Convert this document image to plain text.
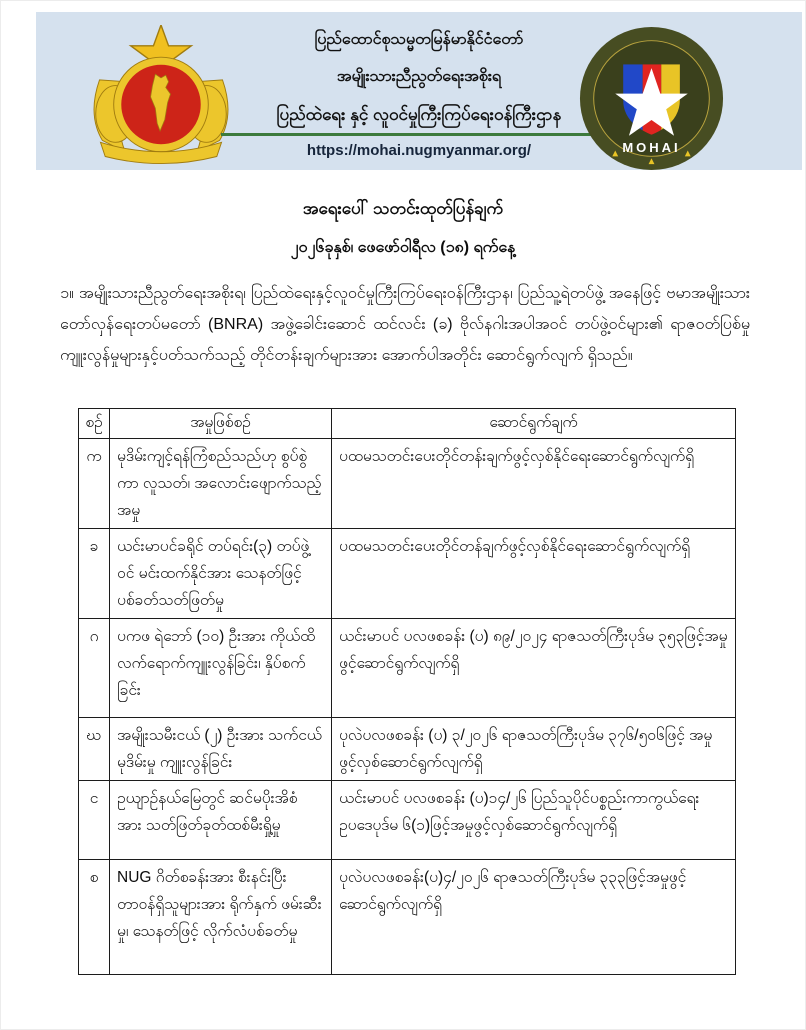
ပြည်ထောင်စုသမ္မတမြန်မာနိုင်ငံတော်
အမျိုးသားညီညွတ်ရေးအစိုးရ
ပြည်ထဲရေး နှင့် လူဝင်မှုကြီးကြပ်ရေးဝန်ကြီးဌာန
https://mohai.nugmyanmar.org/	MOHAI
အရေးပေါ် သတင်းထုတ်ပြန်ချက်
၂၀၂၆ခုနှစ်၊ ဖေဖော်ဝါရီလ (၁၈) ရက်နေ့
၁။ အမျိုးသားညီညွတ်ရေးအစိုးရ၊ ပြည်ထဲရေးနှင့်လူဝင်မှုကြီးကြပ်ရေးဝန်ကြီးဌာန၊ ပြည်သူ့ရဲတပ်ဖွဲ့ အနေဖြင့် ဗမာအမျိုးသားတော်လှန်ရေးတပ်မတော် (BNRA) အဖွဲ့ခေါင်းဆောင် ထင်လင်း (ခ) ဗိုလ်နဂါးအပါအဝင် တပ်ဖွဲ့ဝင်များ၏ ရာဇဝတ်ပြစ်မှုကျူးလွန်မှုများနှင့်ပတ်သက်သည့် တိုင်တန်းချက်များအား အောက်ပါအတိုင်း ဆောင်ရွက်လျက် ရှိသည်။
စဉ်	အမှုဖြစ်စဉ်	ဆောင်ရွက်ချက်
က	မုဒိမ်းကျင့်ရန်ကြံစည်သည်ဟု စွပ်စွဲကာ လူသတ်၊ အလောင်းဖျောက်သည့်အမှု	ပထမသတင်းပေးတိုင်တန်းချက်ဖွင့်လှစ်နိုင်ရေးဆောင်ရွက်လျက်ရှိ
ခ	ယင်းမာပင်ခရိုင် တပ်ရင်း(၃) တပ်ဖွဲ့ဝင် မင်းထက်နိုင်အား သေနတ်ဖြင့် ပစ်ခတ်သတ်ဖြတ်မှု	ပထမသတင်းပေးတိုင်တန်ချက်ဖွင့်လှစ်နိုင်ရေးဆောင်ရွက်လျက်ရှိ
ဂ	ပကဖ ရဲဘော် (၁၀) ဦးအား ကိုယ်ထိလက်ရောက်ကျူးလွန်ခြင်း၊ နှိပ်စက်ခြင်း	ယင်းမာပင် ပလဖစခန်း (ပ) ၈၉/၂၀၂၄ ရာဇသတ်ကြီးပုဒ်မ ၃၅၃ဖြင့်အမှုဖွင့်ဆောင်ရွက်လျက်ရှိ
ဃ	အမျိုးသမီးငယ် (၂) ဦးအား သက်ငယ်မုဒိမ်းမှု ကျူးလွန်ခြင်း	ပုလဲပလဖစခန်း (ပ) ၃/၂၀၂၆ ရာဇသတ်ကြီးပုဒ်မ ၃၇၆/၅၀၆ဖြင့် အမှုဖွင့်လှစ်ဆောင်ရွက်လျက်ရှိ
င	ဥယျာဉ်နယ်မြေတွင် ဆင်မပိုးအိစံ အား သတ်ဖြတ်ခုတ်ထစ်မီးရှို့မှု	ယင်းမာပင် ပလဖစခန်း (ပ)၁၄/၂၆ ပြည်သူပိုင်ပစ္စည်းကာကွယ်ရေးဥပဒေပုဒ်မ ၆(၁)ဖြင့်အမှုဖွင့်လှစ်ဆောင်ရွက်လျက်ရှိ
စ	NUG ဂိတ်စခန်းအား စီးနင်းပြီး တာဝန်ရှိသူများအား ရိုက်နှက် ဖမ်းဆီးမှု၊ သေနတ်ဖြင့် လိုက်လံပစ်ခတ်မှု	ပုလဲပလဖစခန်း(ပ)၄/၂၀၂၆ ရာဇသတ်ကြီးပုဒ်မ ၃၃၃ဖြင့်အမှုဖွင့်ဆောင်ရွက်လျက်ရှိ
